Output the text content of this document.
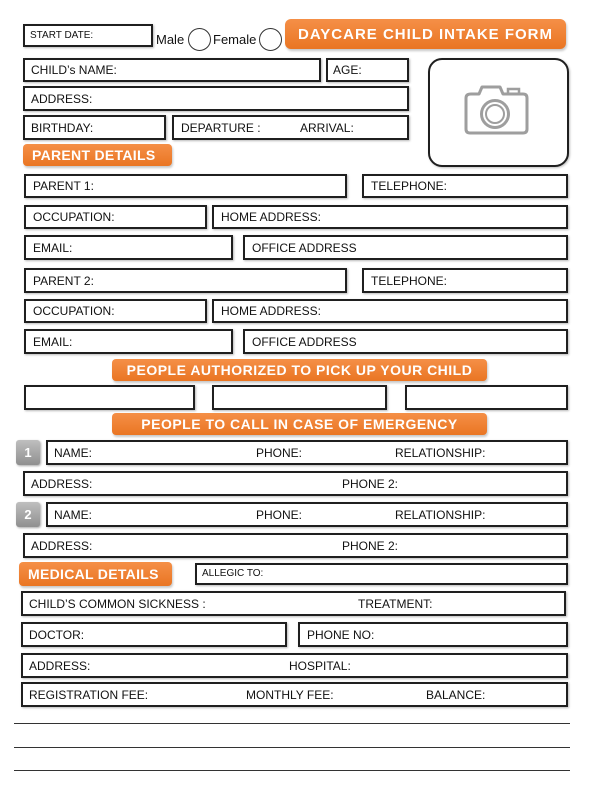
START DATE:	Male Female	DAYCARE CHILD INTAKE FORM
CHILD’s NAME:	AGE:
ADDRESS:
BIRTHDAY:	DEPARTURE :	ARRIVAL:
PARENT DETAILS
PARENT 1:	TELEPHONE:
OCCUPATION:	HOME ADDRESS:
EMAIL:	OFFICE ADDRESS
PARENT 2:	TELEPHONE:
OCCUPATION:	HOME ADDRESS:
EMAIL:	OFFICE ADDRESS
PEOPLE AUTHORIZED TO PICK UP YOUR CHILD
PEOPLE TO CALL IN CASE OF EMERGENCY
1	NAME:	PHONE:	RELATIONSHIP:
ADDRESS:	PHONE 2:
2	NAME:	PHONE:	RELATIONSHIP:
ADDRESS:	PHONE 2:
MEDICAL DETAILS	ALLEGIC TO:
CHILD’S COMMON SICKNESS :	TREATMENT:
DOCTOR:	PHONE NO:
ADDRESS:	HOSPITAL:
REGISTRATION FEE:	MONTHLY FEE:	BALANCE:
